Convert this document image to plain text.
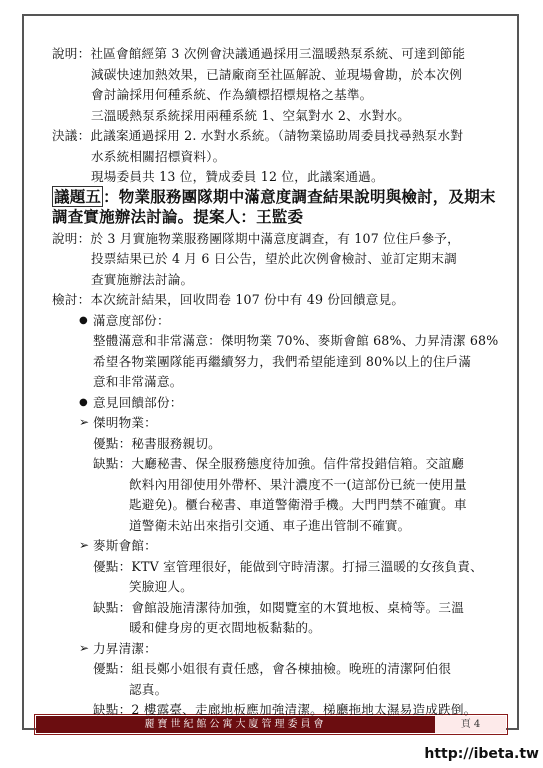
麗寶世紀館公寓大廈管理委員會	頁 4
http://ibeta.tw
說明：社區會館經第 3 次例會決議通過採用三溫暖熱泵系統、可達到節能
減碳快速加熱效果，已請廠商至社區解說、並現場會勘，於本次例
會討論採用何種系統、作為續標招標規格之基準。
三溫暖熱泵系統採用兩種系統 1、空氣對水 2、水對水。
決議：此議案通過採用 2. 水對水系統。（請物業協助周委員找尋熱泵水對
水系統相關招標資料）。
現場委員共 13 位，贊成委員 12 位，此議案通過。
議題五 ：物業服務團隊期中滿意度調查結果說明與檢討，及期末
調查實施辦法討論。提案人：王監委
說明：於 3 月實施物業服務團隊期中滿意度調查，有 107 位住戶參予，
投票結果已於 4 月 6 日公告，望於此次例會檢討、並訂定期末調
查實施辦法討論。
檢討：本次統計結果，回收問卷 107 份中有 49 份回饋意見。
● 滿意度部份：
整體滿意和非常滿意：傑明物業 70%、麥斯會館 68%、力昇清潔 68%
希望各物業團隊能再繼續努力，我們希望能達到 80%以上的住戶滿
意和非常滿意。
● 意見回饋部份：
➢ 傑明物業：
優點：秘書服務親切。
缺點：大廳秘書、保全服務態度待加強。信件常投錯信箱。交誼廳
飲料內用卻使用外帶杯、果汁濃度不一(這部份已統一使用量
匙避免)。櫃台秘書、車道警衛滑手機。大門門禁不確實。車
道警衛未站出來指引交通、車子進出管制不確實。
➢ 麥斯會館：
優點：KTV 室管理很好，能做到守時清潔。打掃三溫暖的女孩負責、
笑臉迎人。
缺點：會館設施清潔待加強，如閱覽室的木質地板、桌椅等。三溫
暖和健身房的更衣間地板黏黏的。
➢ 力昇清潔：
優點：組長鄭小姐很有責任感，會各棟抽檢。晚班的清潔阿伯很
認真。
缺點：2 樓露臺、走廊地板應加強清潔。梯廳拖地太濕易造成跌倒。
